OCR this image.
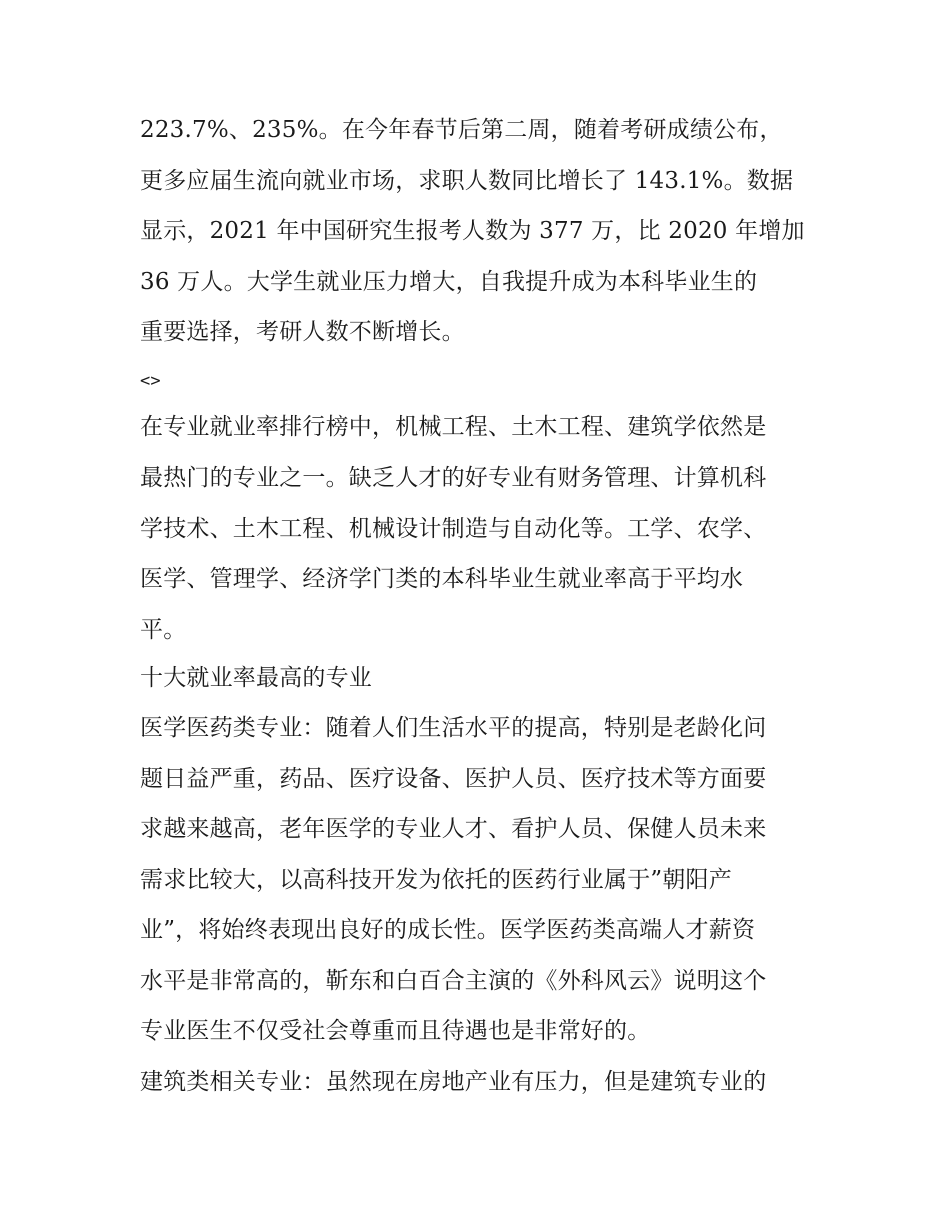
223.7%、235%。在今年春节后第二周，随着考研成绩公布，
更多应届生流向就业市场，求职人数同比增长了 143.1%。数据
显示，2021 年中国研究生报考人数为 377 万，比 2020 年增加
36 万人。大学生就业压力增大，自我提升成为本科毕业生的
重要选择，考研人数不断增长。
<>
在专业就业率排行榜中，机械工程、土木工程、建筑学依然是
最热门的专业之一。缺乏人才的好专业有财务管理、计算机科
学技术、土木工程、机械设计制造与自动化等。工学、农学、
医学、管理学、经济学门类的本科毕业生就业率高于平均水
平。
十大就业率最高的专业
医学医药类专业：随着人们生活水平的提高，特别是老龄化问
题日益严重，药品、医疗设备、医护人员、医疗技术等方面要
求越来越高，老年医学的专业人才、看护人员、保健人员未来
需求比较大，以高科技开发为依托的医药行业属于”朝阳产
业”，将始终表现出良好的成长性。医学医药类高端人才薪资
水平是非常高的，靳东和白百合主演的《外科风云》说明这个
专业医生不仅受社会尊重而且待遇也是非常好的。
建筑类相关专业：虽然现在房地产业有压力，但是建筑专业的
